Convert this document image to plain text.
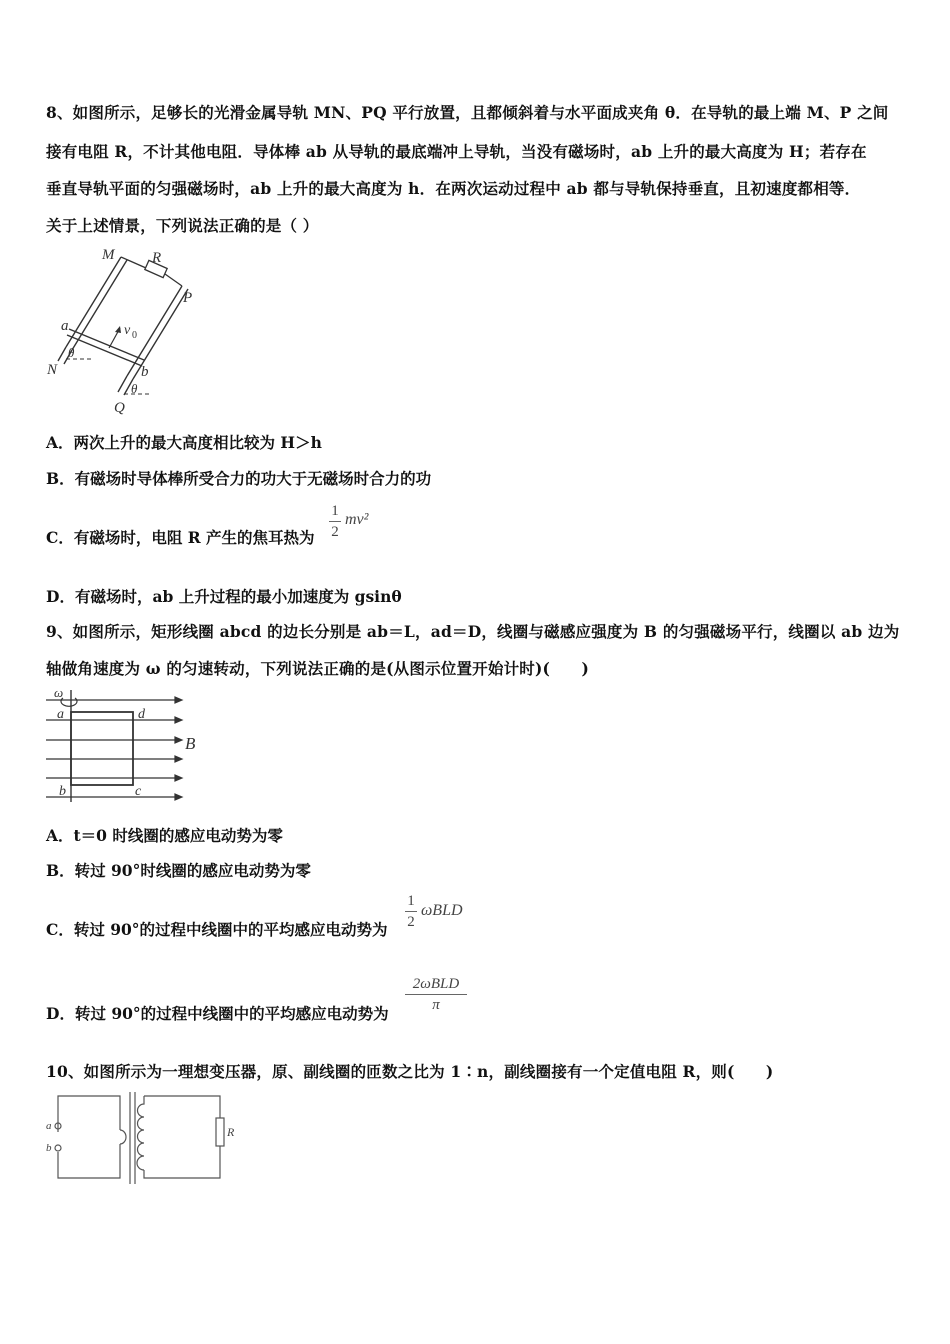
8、如图所示，足够长的光滑金属导轨 MN、PQ 平行放置，且都倾斜着与水平面成夹角 θ．在导轨的最上端 M、P 之间
接有电阻 R，不计其他电阻．导体棒 ab 从导轨的最底端冲上导轨，当没有磁场时，ab 上升的最大高度为 H；若存在
垂直导轨平面的匀强磁场时，ab 上升的最大高度为 h．在两次运动过程中 ab 都与导轨保持垂直，且初速度都相等．
关于上述情景，下列说法正确的是（ ）
M	R
P
a	v 0
θ
N	b
θ
Q
A．两次上升的最大高度相比较为 H＞h
B．有磁场时导体棒所受合力的功大于无磁场时合力的功
C．有磁场时，电阻 R 产生的焦耳热为
1
2
mv²
D．有磁场时，ab 上升过程的最小加速度为 gsinθ
9、如图所示，矩形线圈 abcd 的边长分别是 ab＝L，ad＝D，线圈与磁感应强度为 B 的匀强磁场平行，线圈以 ab 边为
轴做角速度为 ω 的匀速转动，下列说法正确的是(从图示位置开始计时)(　　)
ω
a	d
B
b	c
A．t＝0 时线圈的感应电动势为零
B．转过 90°时线圈的感应电动势为零
C．转过 90°的过程中线圈中的平均感应电动势为
1
2
ωBLD
D．转过 90°的过程中线圈中的平均感应电动势为
2ωBLD
π
10、如图所示为一理想变压器，原、副线圈的匝数之比为 1∶n，副线圈接有一个定值电阻 R，则(　　)
a
b
R
